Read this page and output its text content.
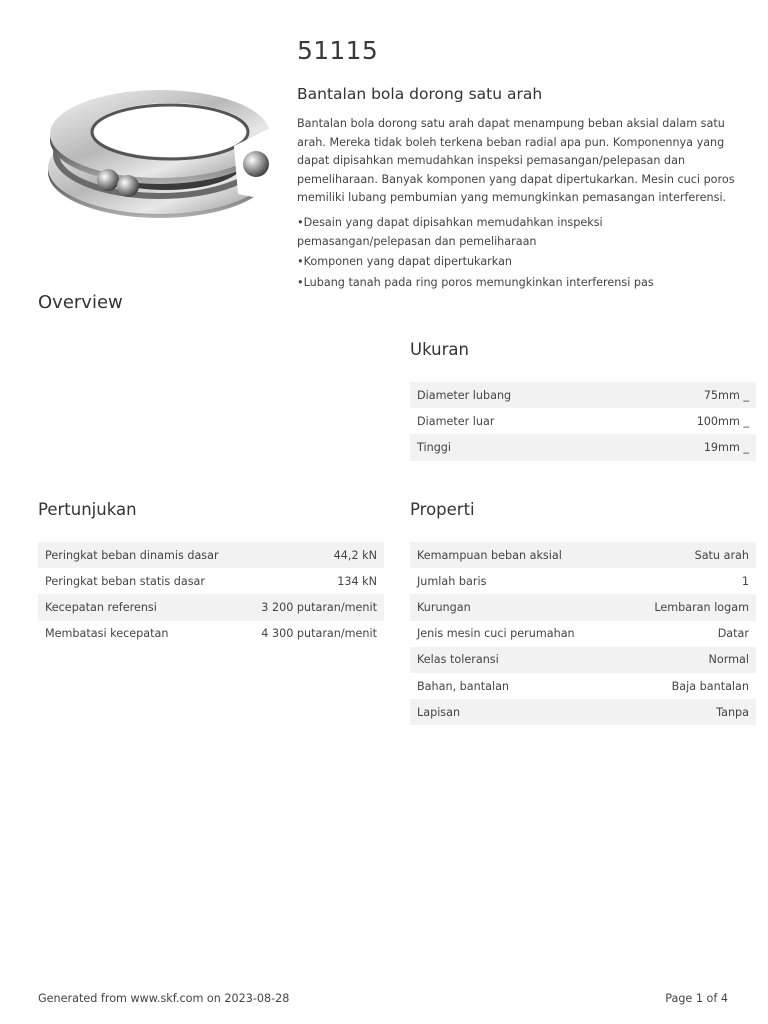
51115
Bantalan bola dorong satu arah

Bantalan bola dorong satu arah dapat menampung beban aksial dalam satu arah. Mereka tidak boleh terkena beban radial apa pun. Komponennya yang dapat dipisahkan memudahkan inspeksi pemasangan/pelepasan dan pemeliharaan. Banyak komponen yang dapat dipertukarkan. Mesin cuci poros memiliki lubang pembumian yang memungkinkan pemasangan interferensi.

• Desain yang dapat dipisahkan memudahkan inspeksi pemasangan/pelepasan dan pemeliharaan
• Komponen yang dapat dipertukarkan
• Lubang tanah pada ring poros memungkinkan interferensi pas
Overview
Ukuran
Diameter lubang	75mm _
Diameter luar	100mm _
Tinggi	19mm _
Pertunjukan
Peringkat beban dinamis dasar	44,2 kN
Peringkat beban statis dasar	134 kN
Kecepatan referensi	3 200 putaran/menit
Membatasi kecepatan	4 300 putaran/menit
Properti
Kemampuan beban aksial	Satu arah
Jumlah baris	1
Kurungan	Lembaran logam
Jenis mesin cuci perumahan	Datar
Kelas toleransi	Normal
Bahan, bantalan	Baja bantalan
Lapisan	Tanpa
Generated from www.skf.com on 2023-08-28	Page 1 of 4
